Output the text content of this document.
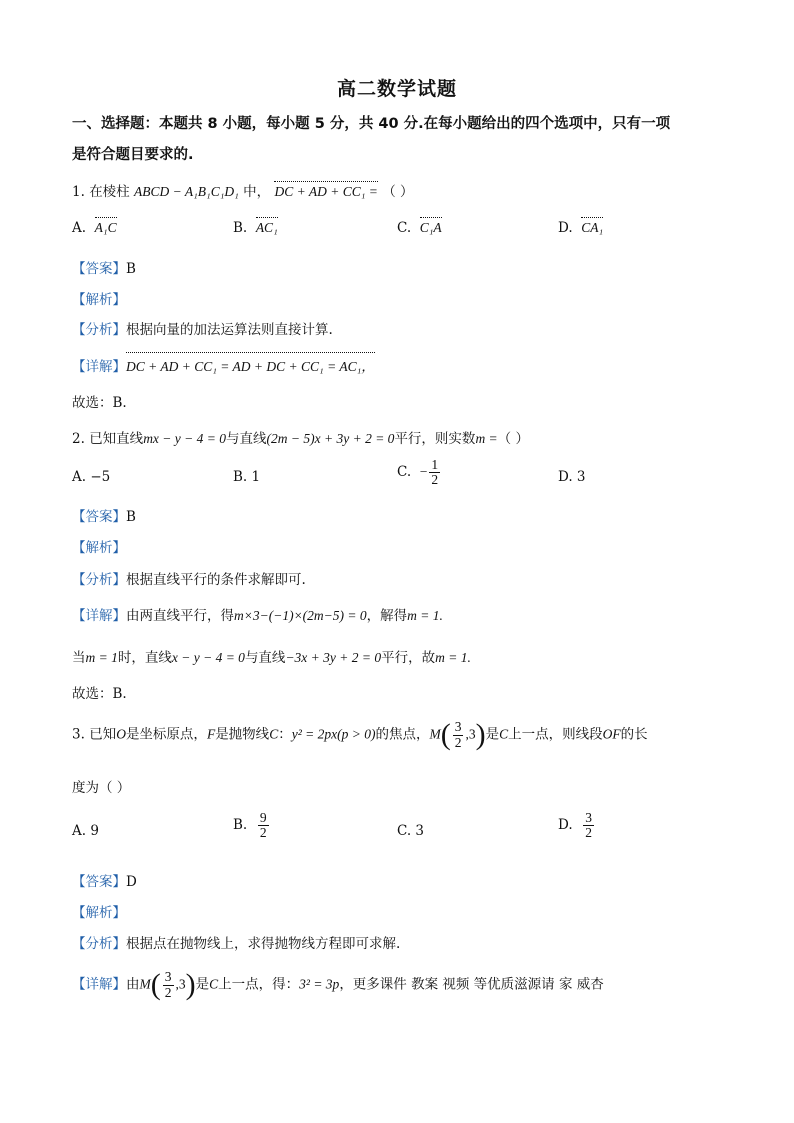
高二数学试题
一、选择题：本题共 8 小题，每小题 5 分，共 40 分.在每小题给出的四个选项中，只有一项
是符合题目要求的.
1. 在棱柱 ABCD − A₁B₁C₁D₁ 中， DC + AD + CC₁ = （ ）
A. A₁C	B. AC₁	C. C₁A	D. CA₁
【答案】B
【解析】
【分析】根据向量的加法运算法则直接计算.
【详解】DC + AD + CC₁ = AD + DC + CC₁ = AC₁，
故选：B.
2. 已知直线mx − y − 4 = 0与直线(2m − 5)x + 3y + 2 = 0平行，则实数m =（ ）
A. −5	B. 1	C. − $\frac{1}{2}$	D. 3
【答案】B
【解析】
【分析】根据直线平行的条件求解即可.
【详解】由两直线平行，得m×3−(−1)×(2m−5) = 0，解得m = 1.
当m = 1时，直线x − y − 4 = 0与直线−3x + 3y + 2 = 0平行，故m = 1.
故选：B.
3. 已知O是坐标原点，F是抛物线C：y² = 2px(p > 0)的焦点，$M( \frac{3}{2} ,3)$是C上一点，则线段OF的长
度为（ ）
A. 9	B. $\frac{9}{2}$	C. 3	D. $\frac{3}{2}$
【答案】D
【解析】
【分析】根据点在抛物线上，求得抛物线方程即可求解.
【详解】由$M( \frac{3}{2} ,3)$是C上一点，得：3² = 3p，更多课件 教案 视频 等优质滋源请 家 威杏
